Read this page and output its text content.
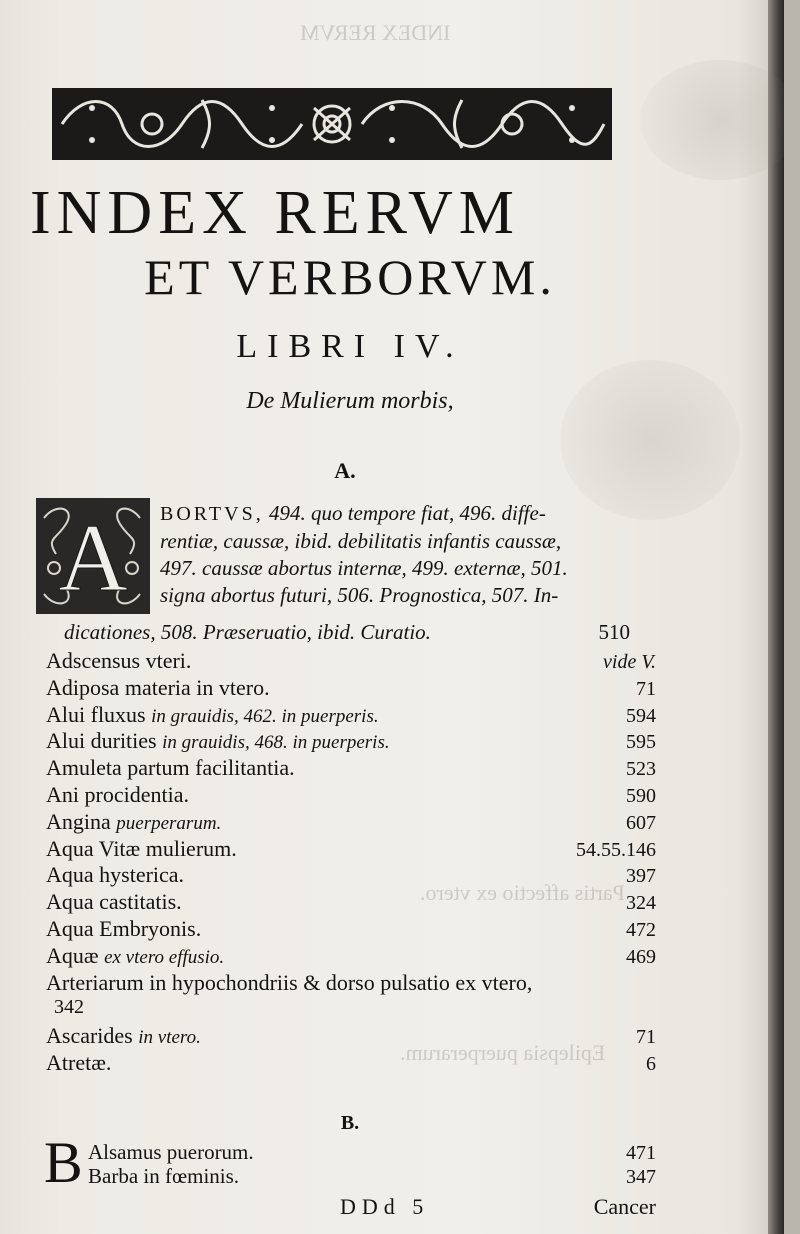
INDEX RERVM
Partis affectio ex vtero.
Epilepsia puerperarum.
INDEX RERVM
ET VERBORVM.
LIBRI IV.
De Mulierum morbis,
A.
A BORTVS, 494. quo tempore fiat, 496. diffe-
rentiæ, caussæ, ibid. debilitatis infantis caussæ,
497. caussæ abortus internæ, 499. externæ, 501.
signa abortus futuri, 506. Prognostica, 507. In-
dicationes, 508. Præseruatio, ibid. Curatio.	510
Adscensus vteri.	vide V.
Adiposa materia in vtero.	71
Alui fluxus in grauidis, 462. in puerperis.	594
Alui durities in grauidis, 468. in puerperis.	595
Amuleta partum facilitantia.	523
Ani procidentia.	590
Angina puerperarum.	607
Aqua Vitæ mulierum.	54.55.146
Aqua hysterica.	397
Aqua castitatis.	324
Aqua Embryonis.	472
Aquæ ex vtero effusio.	469
Arteriarum in hypochondriis & dorso pulsatio ex vtero,
342
Ascarides in vtero.	71
Atretæ.	6
B.
B Alsamus puerorum.	471
Barba in fœminis.	347
DDd 5	Cancer
